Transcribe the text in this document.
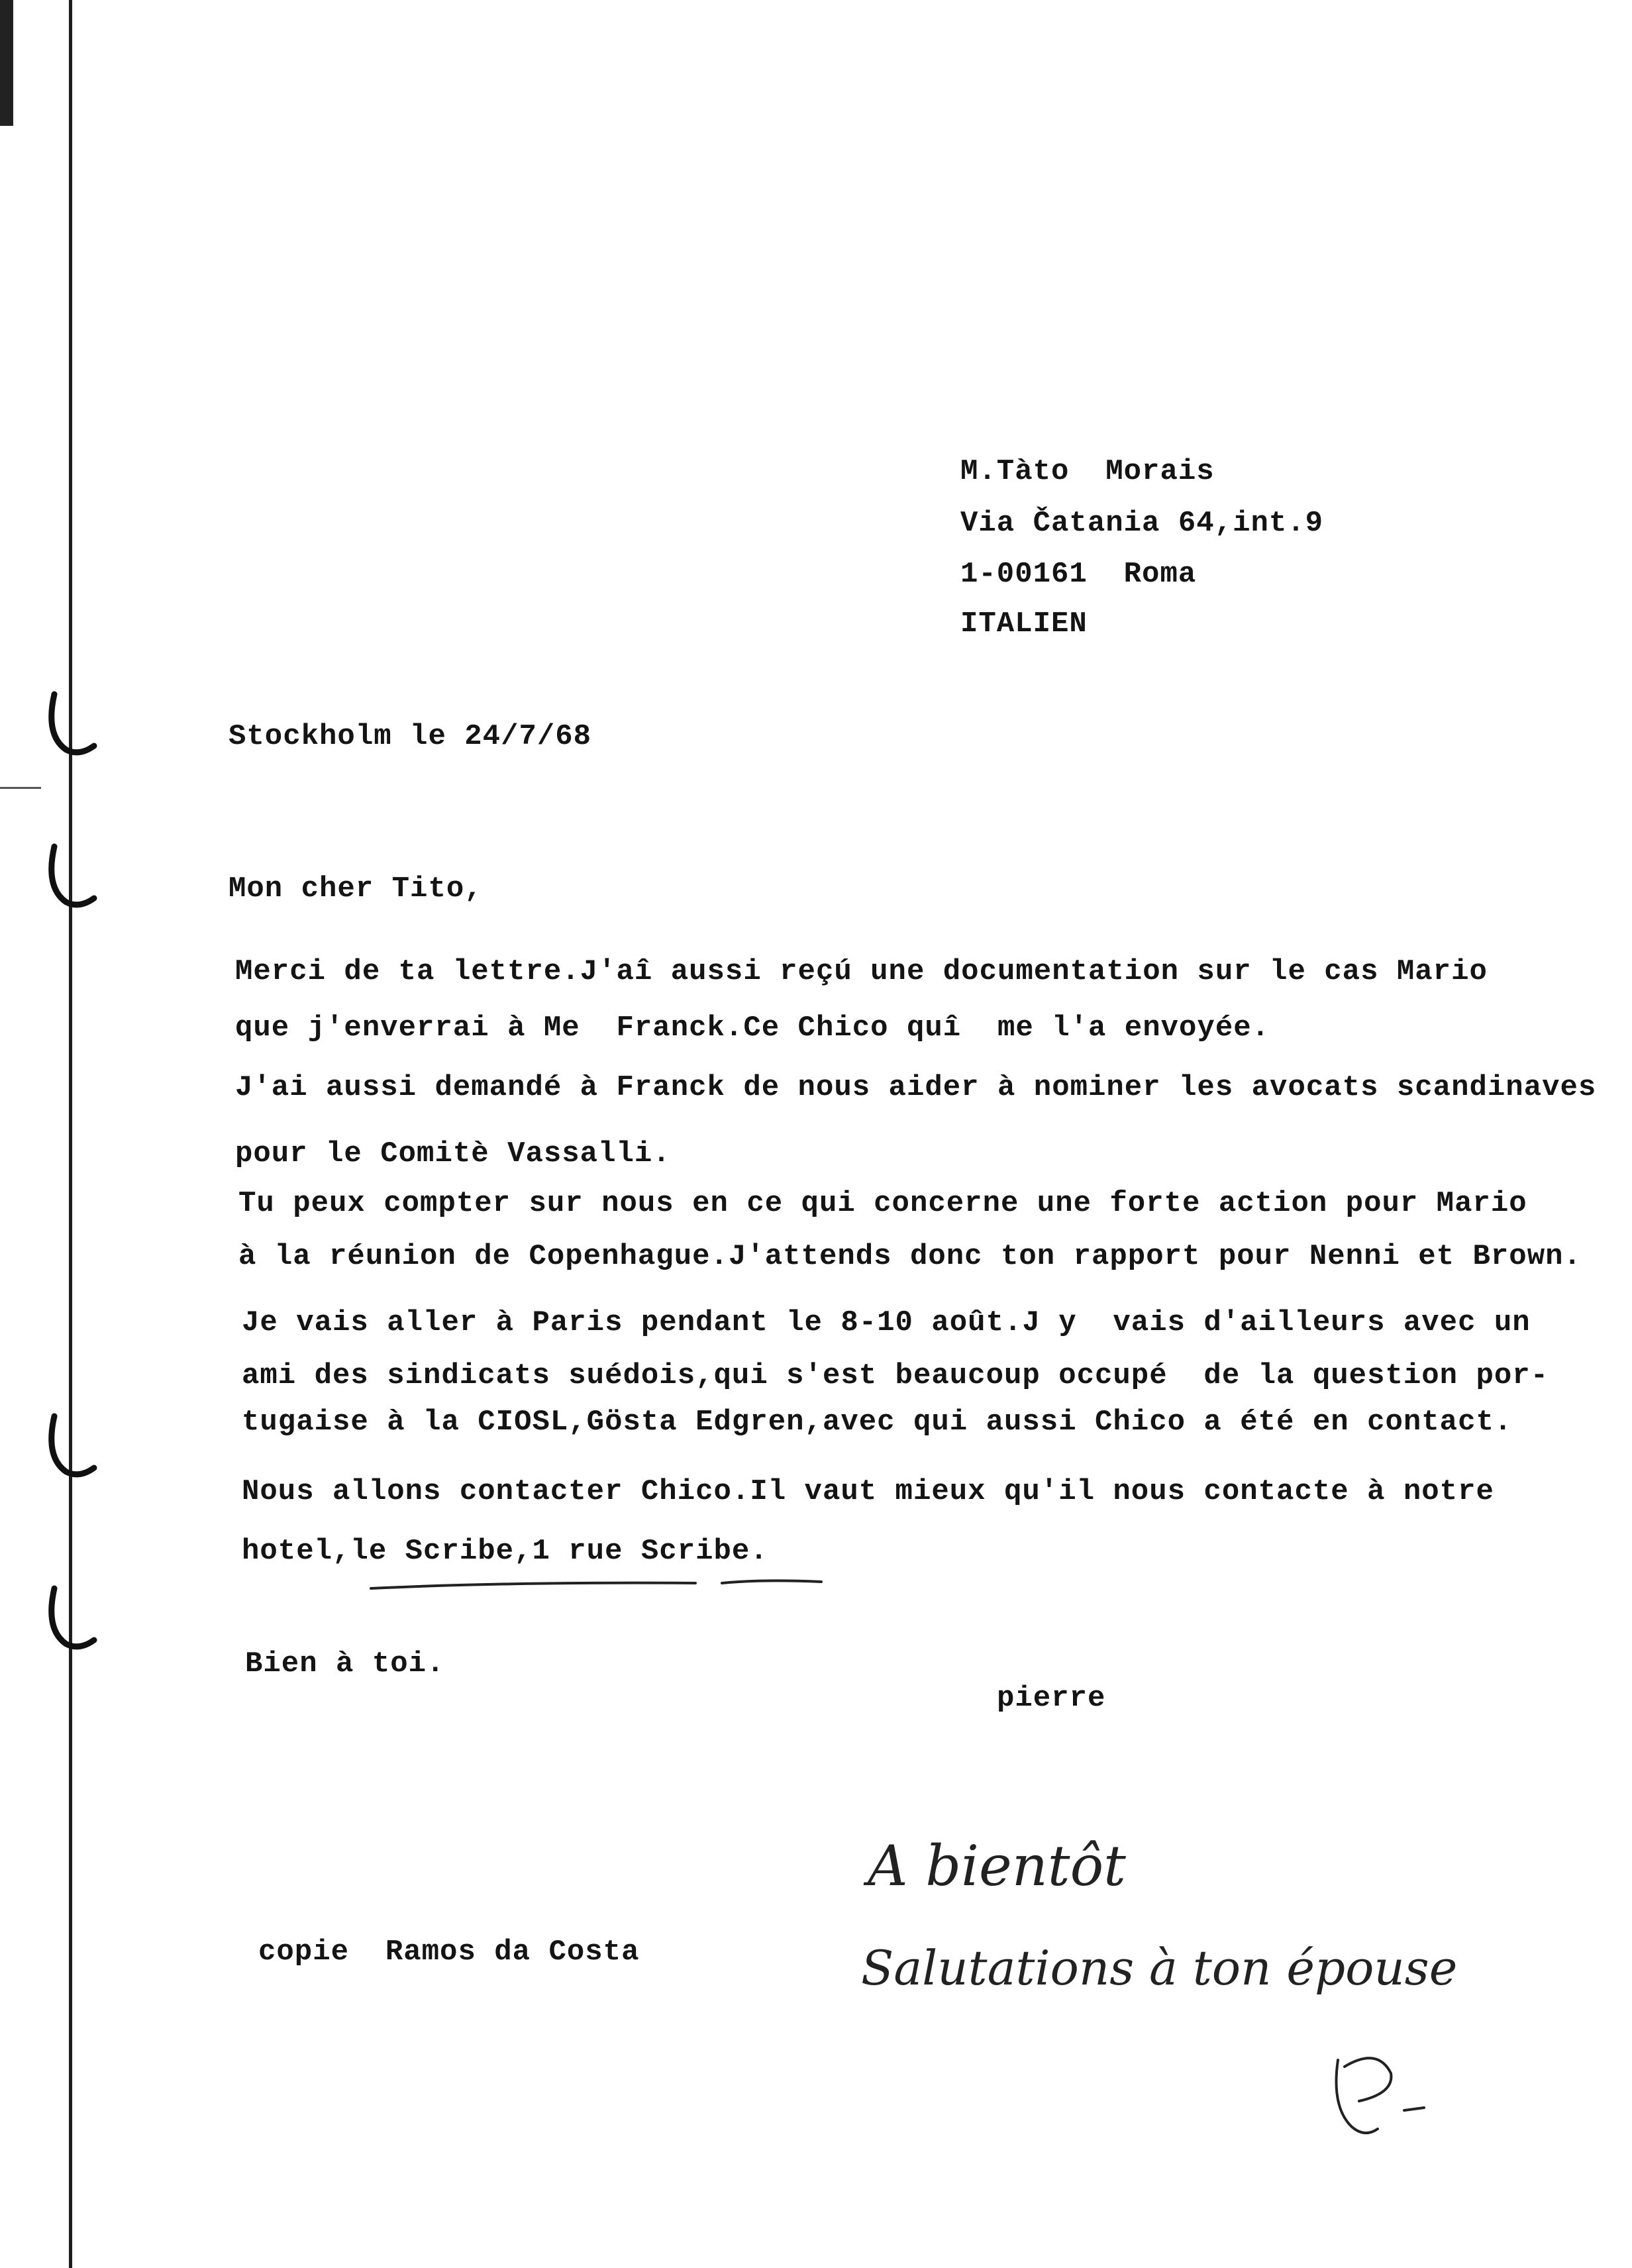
M.Tàto  Morais
Via Čatania 64,int.9
1-00161  Roma
ITALIEN
Stockholm le 24/7/68
Mon cher Tito,
Merci de ta lettre.J'aî aussi reçú une documentation sur le cas Mario
que j'enverrai à Me  Franck.Ce Chico quî  me l'a envoyée.
J'ai aussi demandé à Franck de nous aider à nominer les avocats scandinaves
pour le Comitè Vassalli.
Tu peux compter sur nous en ce qui concerne une forte action pour Mario
à la réunion de Copenhague.J'attends donc ton rapport pour Nenni et Brown.
Je vais aller à Paris pendant le 8-10 août.J y  vais d'ailleurs avec un
ami des sindicats suédois,qui s'est beaucoup occupé  de la question por-
tugaise à la CIOSL,Gösta Edgren,avec qui aussi Chico a été en contact.
Nous allons contacter Chico.Il vaut mieux qu'il nous contacte à notre
hotel,le Scribe,1 rue Scribe.
Bien à toi.
pierre
copie  Ramos da Costa
A bientôt
Salutations à ton épouse
